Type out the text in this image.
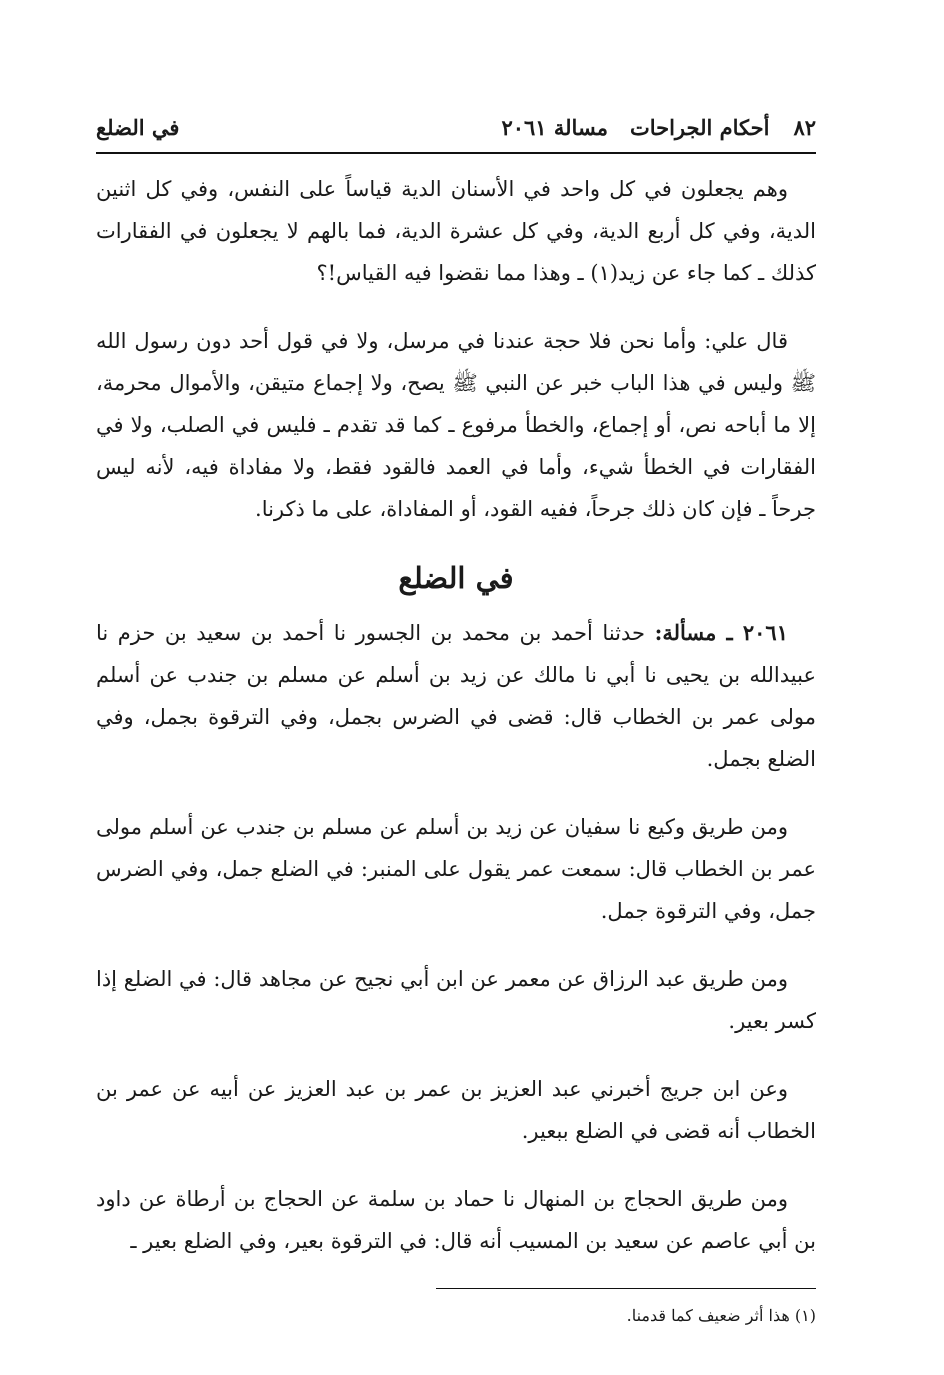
٨٢
أحكام الجراحات
مسالة ٢٠٦١
في الضلع

وهم يجعلون في كل واحد في الأسنان الدية قياساً على النفس، وفي كل اثنين الدية، وفي كل أربع الدية، وفي كل عشرة الدية، فما بالهم لا يجعلون في الفقارات كذلك ـ كما جاء عن زيد(١) ـ وهذا مما نقضوا فيه القياس!؟

قال علي: وأما نحن فلا حجة عندنا في مرسل، ولا في قول أحد دون رسول الله ﷺ وليس في هذا الباب خبر عن النبي ﷺ يصح، ولا إجماع متيقن، والأموال محرمة، إلا ما أباحه نص، أو إجماع، والخطأ مرفوع ـ كما قد تقدم ـ فليس في الصلب، ولا في الفقارات في الخطأ شيء، وأما في العمد فالقود فقط، ولا مفاداة فيه، لأنه ليس جرحاً ـ فإن كان ذلك جرحاً، ففيه القود، أو المفاداة، على ما ذكرنا.

في الضلع

٢٠٦١ ـ مسألة: حدثنا أحمد بن محمد بن الجسور نا أحمد بن سعيد بن حزم نا عبيدالله بن يحيى نا أبي نا مالك عن زيد بن أسلم عن مسلم بن جندب عن أسلم مولى عمر بن الخطاب قال: قضى في الضرس بجمل، وفي الترقوة بجمل، وفي الضلع بجمل.

ومن طريق وكيع نا سفيان عن زيد بن أسلم عن مسلم بن جندب عن أسلم مولى عمر بن الخطاب قال: سمعت عمر يقول على المنبر: في الضلع جمل، وفي الضرس جمل، وفي الترقوة جمل.

ومن طريق عبد الرزاق عن معمر عن ابن أبي نجيح عن مجاهد قال: في الضلع إذا كسر بعير.

وعن ابن جريج أخبرني عبد العزيز بن عمر بن عبد العزيز عن أبيه عن عمر بن الخطاب أنه قضى في الضلع ببعير.

ومن طريق الحجاج بن المنهال نا حماد بن سلمة عن الحجاج بن أرطاة عن داود بن أبي عاصم عن سعيد بن المسيب أنه قال: في الترقوة بعير، وفي الضلع بعير ـ

(١) هذا أثر ضعيف كما قدمنا.
